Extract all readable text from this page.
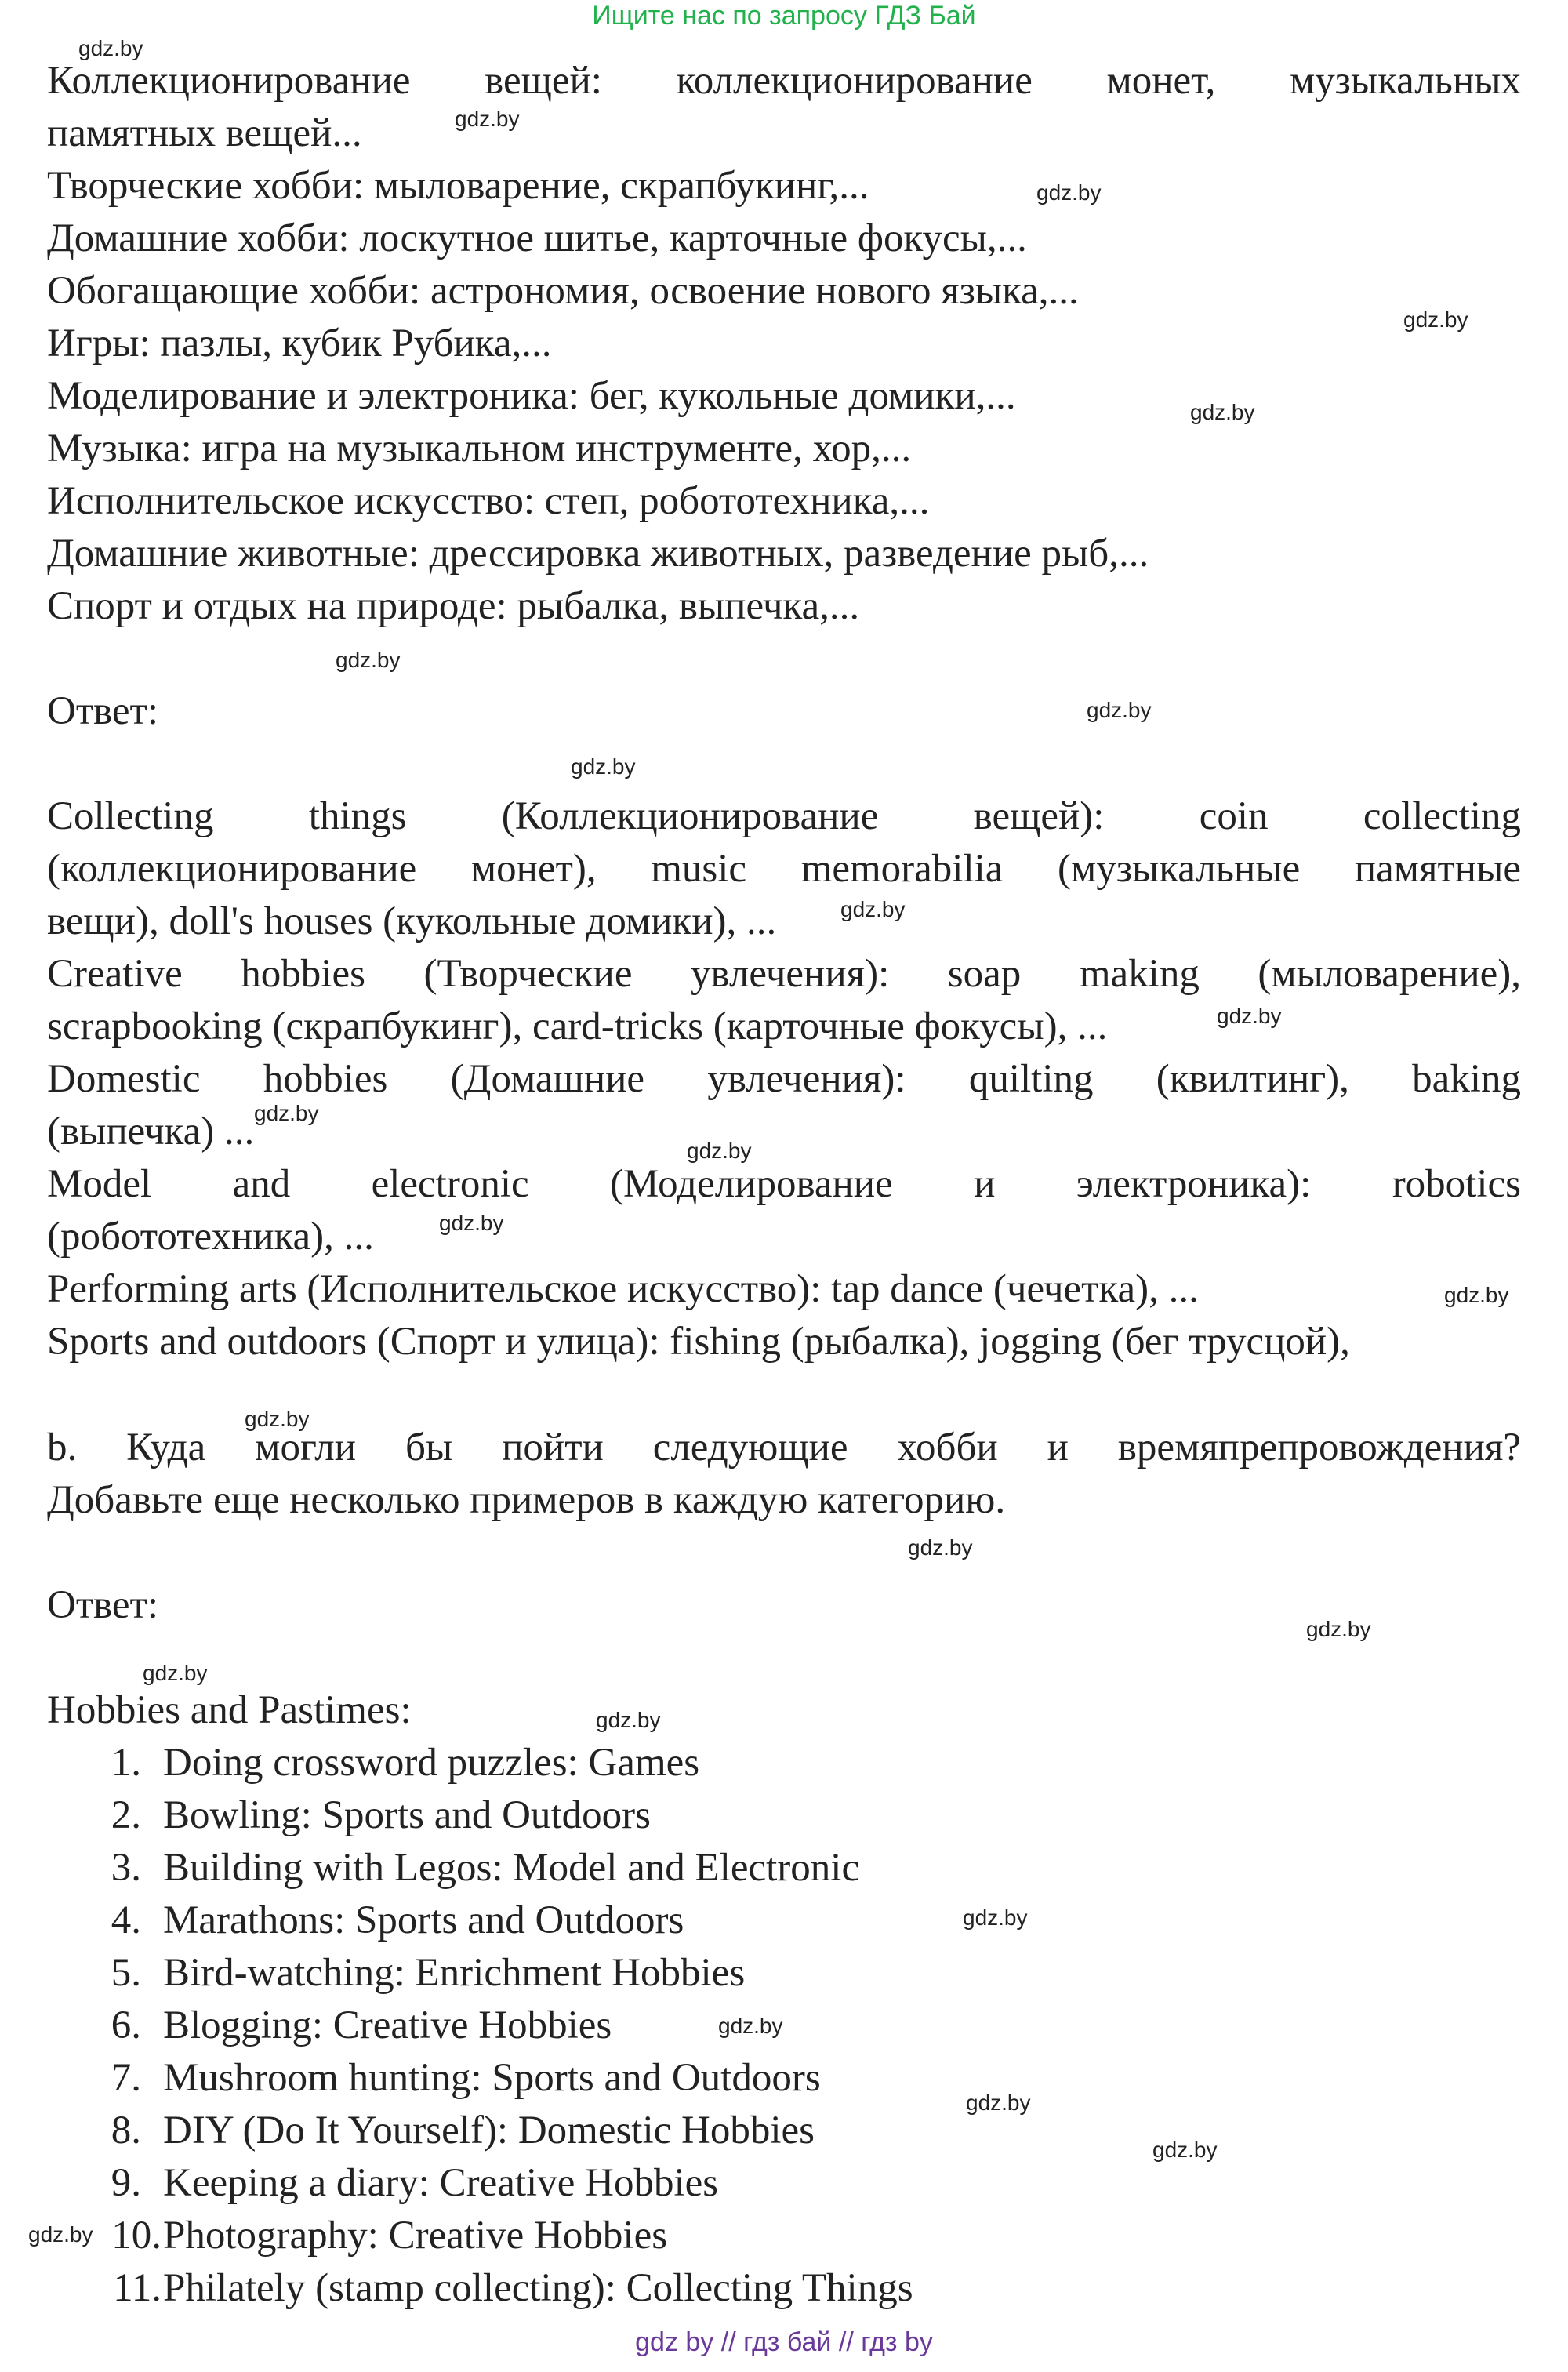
Ищите нас по запросу ГДЗ Бай
gdz.by
gdz.by
gdz.by
gdz.by
gdz.by
gdz.by
gdz.by
gdz.by
gdz.by
gdz.by
gdz.by
gdz.by
gdz.by
gdz.by
gdz.by
gdz.by
gdz.by
gdz.by
gdz.by
gdz.by
gdz.by
gdz.by
gdz.by
gdz.by
Коллекционирование вещей: коллекционирование монет, музыкальных
памятных вещей...
Творческие хобби: мыловарение, скрапбукинг,...
Домашние хобби: лоскутное шитье, карточные фокусы,...
Обогащающие хобби: астрономия, освоение нового языка,...
Игры: пазлы, кубик Рубика,...
Моделирование и электроника: бег, кукольные домики,...
Музыка: игра на музыкальном инструменте, хор,...
Исполнительское искусство: степ, робототехника,...
Домашние животные: дрессировка животных, разведение рыб,...
Спорт и отдых на природе: рыбалка, выпечка,...
Ответ:
Collecting things (Коллекционирование вещей): coin collecting
(коллекционирование монет), music memorabilia (музыкальные памятные
вещи), doll's houses (кукольные домики), ...
Creative hobbies (Творческие увлечения): soap making (мыловарение),
scrapbooking (скрапбукинг), card-tricks (карточные фокусы), ...
Domestic hobbies (Домашние увлечения): quilting (квилтинг), baking
(выпечка) ...
Model and electronic (Моделирование и электроника): robotics
(робототехника), ...
Performing arts (Исполнительское искусство): tap dance (чечетка), ...
Sports and outdoors (Спорт и улица): fishing (рыбалка), jogging (бег трусцой),
b. Куда могли бы пойти следующие хобби и времяпрепровождения?
Добавьте еще несколько примеров в каждую категорию.
Ответ:
Hobbies and Pastimes:
1. Doing crossword puzzles: Games
2. Bowling: Sports and Outdoors
3. Building with Legos: Model and Electronic
4. Marathons: Sports and Outdoors
5. Bird-watching: Enrichment Hobbies
6. Blogging: Creative Hobbies
7. Mushroom hunting: Sports and Outdoors
8. DIY (Do It Yourself): Domestic Hobbies
9. Keeping a diary: Creative Hobbies
10. Photography: Creative Hobbies
11. Philately (stamp collecting): Collecting Things
gdz by // гдз бай // гдз by
